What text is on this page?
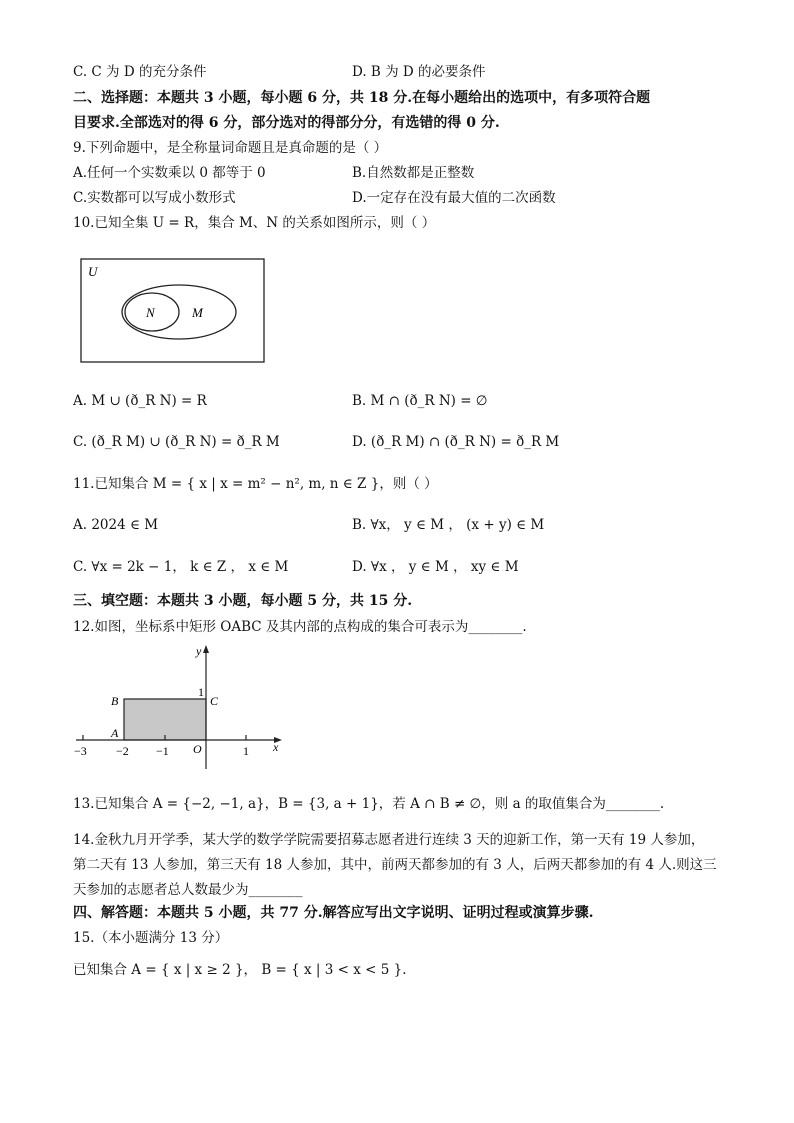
C. C 为 D 的充分条件	D. B 为 D 的必要条件
二、选择题：本题共 3 小题，每小题 6 分，共 18 分.在每小题给出的选项中，有多项符合题
目要求.全部选对的得 6 分，部分选对的得部分分，有选错的得 0 分.
9.下列命题中，是全称量词命题且是真命题的是（ ）
A.任何一个实数乘以 0 都等于 0	B.自然数都是正整数
C.实数都可以写成小数形式	D.一定存在没有最大值的二次函数
10.已知全集 U = R，集合 M、N 的关系如图所示，则（ ）
U
N	M
A. M ∪ (ð_R N) = R	B. M ∩ (ð_R N) = ∅
C. (ð_R M) ∪ (ð_R N) = ð_R M	D. (ð_R M) ∩ (ð_R N) = ð_R M
11.已知集合 M = { x | x = m² − n², m, n ∈ Z }，则（ ）
A. 2024 ∈ M	B. ∀x， y ∈ M ， (x + y) ∈ M
C. ∀x = 2k − 1， k ∈ Z ， x ∈ M	D. ∀x ， y ∈ M ， xy ∈ M
三、填空题：本题共 3 小题，每小题 5 分，共 15 分.
12.如图，坐标系中矩形 OABC 及其内部的点构成的集合可表示为________.
−3 −2 −1 O	1 x
y
1
B
A
C
13.已知集合 A = {−2, −1, a}，B = {3, a + 1}，若 A ∩ B ≠ ∅，则 a 的取值集合为________.
14.金秋九月开学季，某大学的数学学院需要招募志愿者进行连续 3 天的迎新工作，第一天有 19 人参加，
第二天有 13 人参加，第三天有 18 人参加，其中，前两天都参加的有 3 人，后两天都参加的有 4 人.则这三
天参加的志愿者总人数最少为________
四、解答题：本题共 5 小题，共 77 分.解答应写出文字说明、证明过程或演算步骤.
15.（本小题满分 13 分）
已知集合 A = { x | x ≥ 2 }， B = { x | 3 < x < 5 }.
